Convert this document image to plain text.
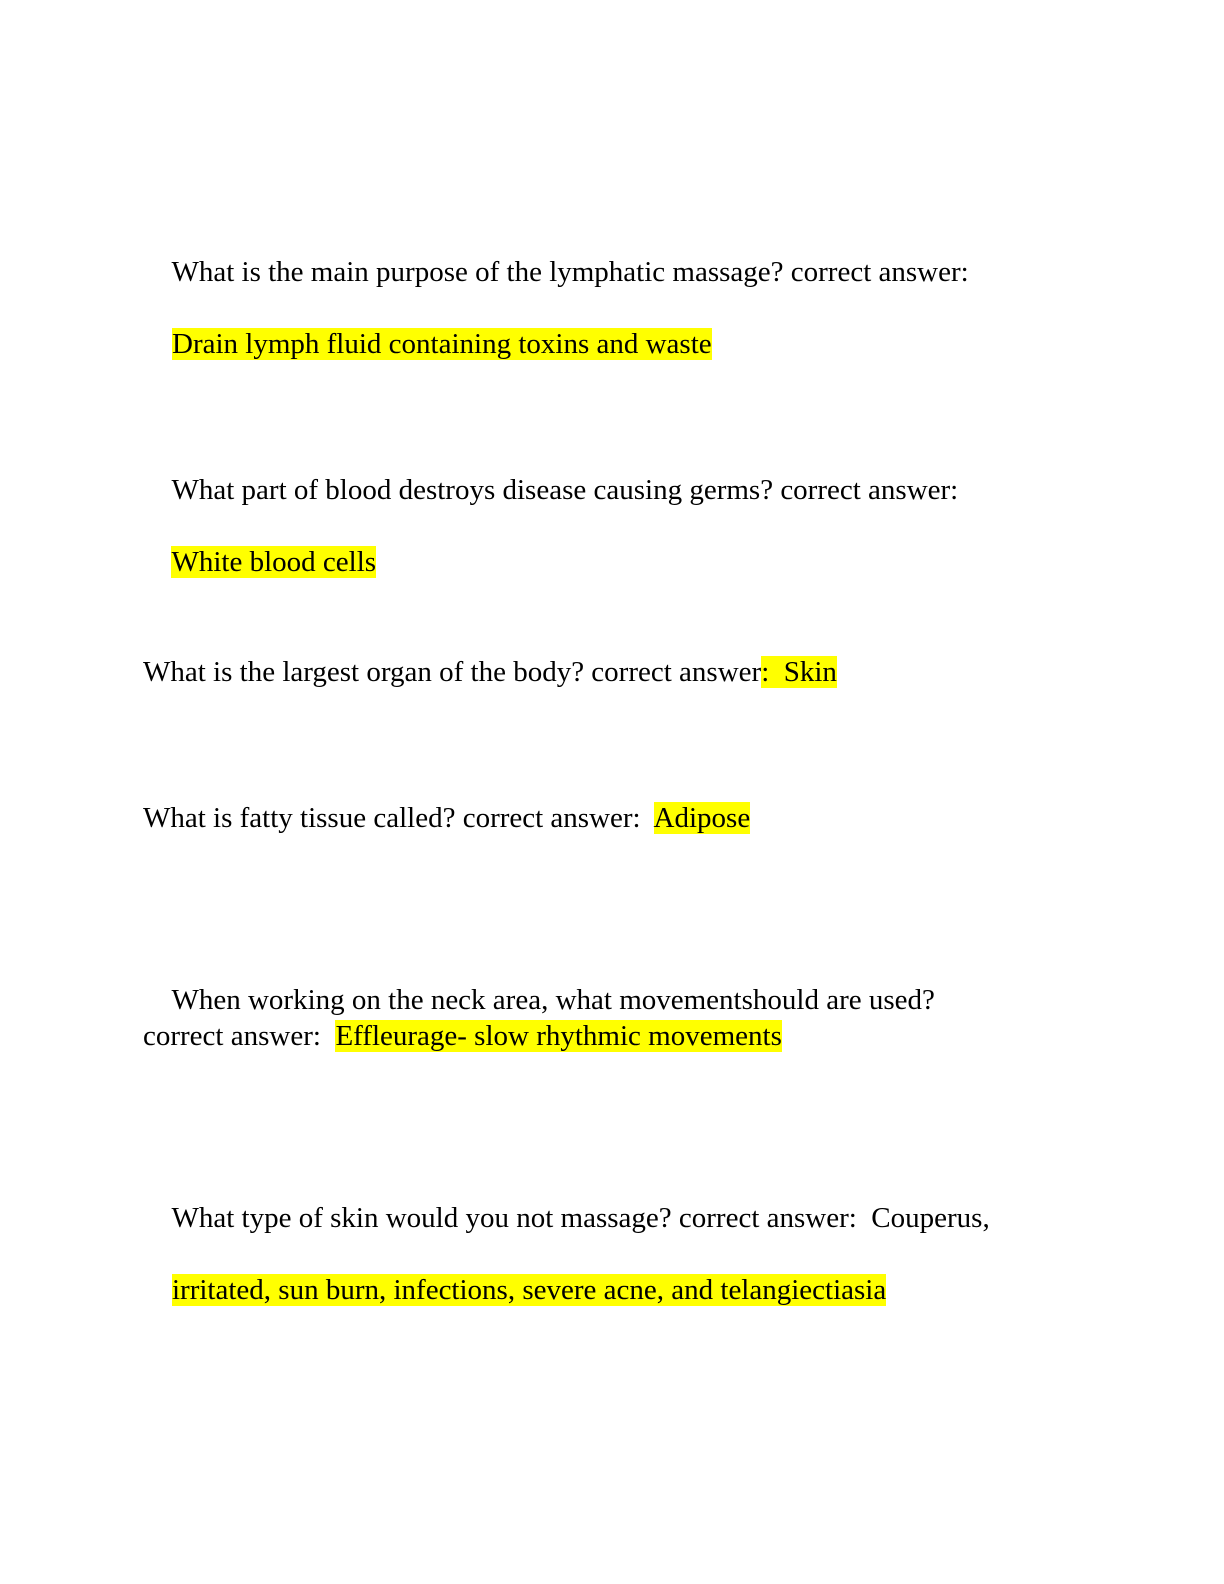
What is the main purpose of the lymphatic massage? correct answer:

Drain lymph fluid containing toxins and waste

What part of blood destroys disease causing germs? correct answer:

White blood cells

What is the largest organ of the body? correct answer:  Skin
What is fatty tissue called? correct answer:  Adipose

When working on the neck area, what movementshould are used?

correct answer:  Effleurage- slow rhythmic movements

What type of skin would you not massage? correct answer:  Couperus,

irritated, sun burn, infections, severe acne, and telangiectiasia
